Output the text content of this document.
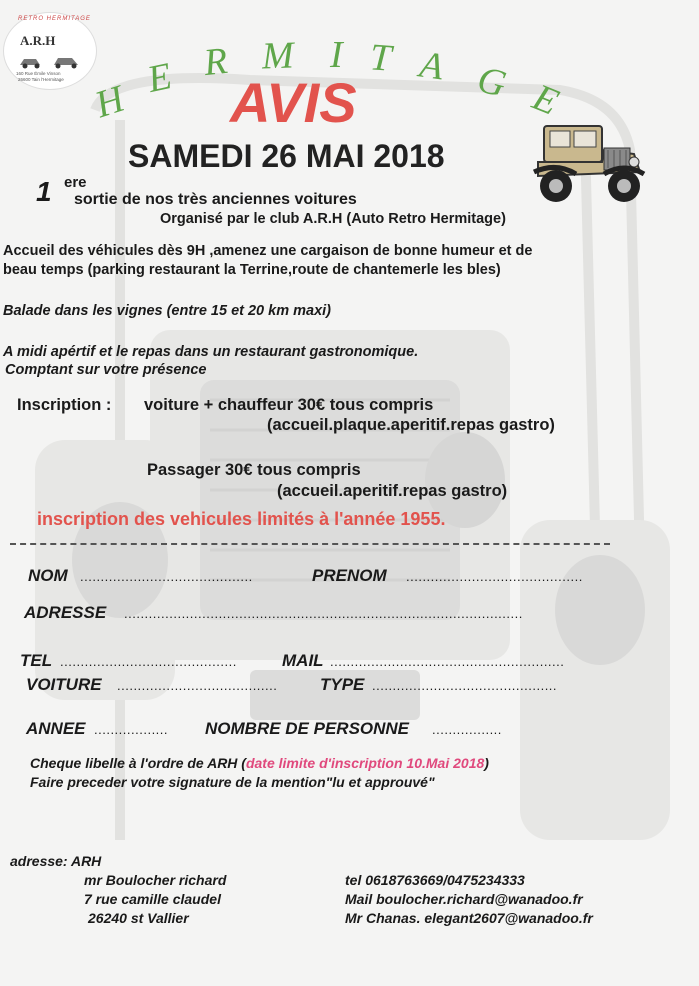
RETRO HERMITAGE
A.R.H
160 Rue Émile Vinson
26600 Tain l'Hermitage H E R M I T A G E
AVIS
SAMEDI 26 MAI 2018
1 ere
sortie de nos très anciennes voitures
Organisé par le club A.R.H (Auto Retro Hermitage)
Accueil des véhicules dès 9H ,amenez une cargaison de bonne humeur et de
beau temps (parking restaurant la Terrine,route de chantemerle les bles)
Balade dans les vignes (entre 15 et 20 km maxi)
A midi apértif et le repas dans un restaurant gastronomique.
Comptant sur votre présence
Inscription : voiture + chauffeur 30€ tous compris
(accueil.plaque.aperitif.repas gastro)
Passager 30€ tous compris
(accueil.aperitif.repas gastro)
inscription des vehicules limités à l'année 1955.
NOM ..........................................	PRENOM ...........................................
ADRESSE .................................................................................................
TEL ...........................................	MAIL .........................................................
VOITURE .......................................	TYPE .............................................
ANNEE .................. NOMBRE DE PERSONNE .................
Cheque libelle à l'ordre de ARH (date limite d'inscription 10.Mai 2018)
Faire preceder votre signature de la mention"lu et approuvé"
adresse: ARH
mr Boulocher richard
7 rue camille claudel
26240 st Vallier
tel 0618763669/0475234333
Mail boulocher.richard@wanadoo.fr
Mr Chanas. elegant2607@wanadoo.fr
